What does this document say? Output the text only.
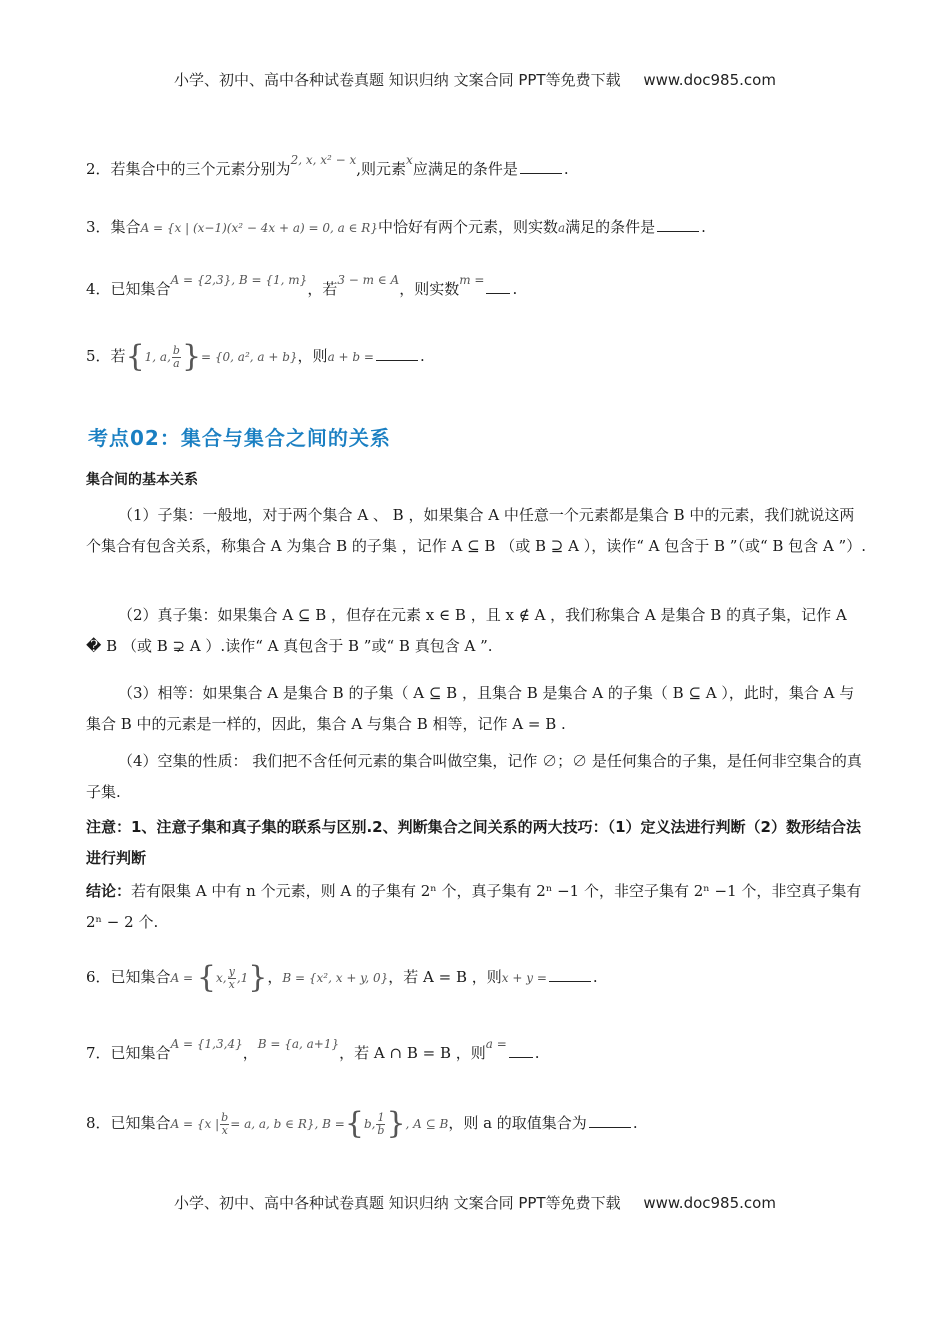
小学、初中、高中各种试卷真题 知识归纳 文案合同 PPT等免费下载 www.doc985.com
2．若集合中的三个元素分别为$^{2, x, x^2 - x}$,则元素$^x$应满足的条件是	.
3．集合A = {x | (x−1)(x² − 4x + a) = 0, a ∈ R}中恰好有两个元素，则实数a满足的条件是	.
4．已知集合$^{A = \{2,3\}, B = \{1, m\}}$，若$^{3 - m \in A}$，则实数$^{m =}$ .
5．若{1, a, $\frac{b}{a}$ }= {0, a², a + b}，则a + b =	.
考点02：集合与集合之间的关系
集合间的基本关系
（1）子集：一般地，对于两个集合 A 、 B ，如果集合 A 中任意一个元素都是集合 B 中的元素，我们就说这两个集合有包含关系，称集合 A 为集合 B 的子集 ，记作 A ⊆ B （或 B ⊇ A ），读作“ A 包含于 B ”（或“ B 包含 A ”）.
（2）真子集：如果集合 A ⊆ B ，但存在元素 x ∈ B ，且 x ∉ A ，我们称集合 A 是集合 B 的真子集，记作 A � B （或 B ⊋ A ）.读作“ A 真包含于 B ”或“ B 真包含 A ”.
（3）相等：如果集合 A 是集合 B 的子集（ A ⊆ B ，且集合 B 是集合 A 的子集（ B ⊆ A ），此时，集合 A 与集合 B 中的元素是一样的，因此，集合 A 与集合 B 相等，记作 A = B .
（4）空集的性质： 我们把不含任何元素的集合叫做空集，记作 ∅；∅ 是任何集合的子集，是任何非空集合的真子集.
注意：1、注意子集和真子集的联系与区别.2、判断集合之间关系的两大技巧：（1）定义法进行判断（2）数形结合法进行判断
结论：若有限集 A 中有 n 个元素，则 A 的子集有 2ⁿ 个，真子集有 2ⁿ −1 个，非空子集有 2ⁿ −1 个，非空真子集有 2ⁿ − 2 个.
6．已知集合A = {x, $\frac{y}{x} ,1$}，B = {x², x + y, 0}，若 A = B ，则x + y =	.
7．已知集合$^{A = \{1,3,4\}}$，$^{B = \{a, a+1\}}$，若 A ∩ B = B ，则$^{a =}$ .
8．已知集合A = {x | $\frac{b}{x} = a$, a, b ∈ R}, B ={b, $\frac{1}{b}$ }, A ⊆ B，则 a 的取值集合为	.
小学、初中、高中各种试卷真题 知识归纳 文案合同 PPT等免费下载 www.doc985.com
